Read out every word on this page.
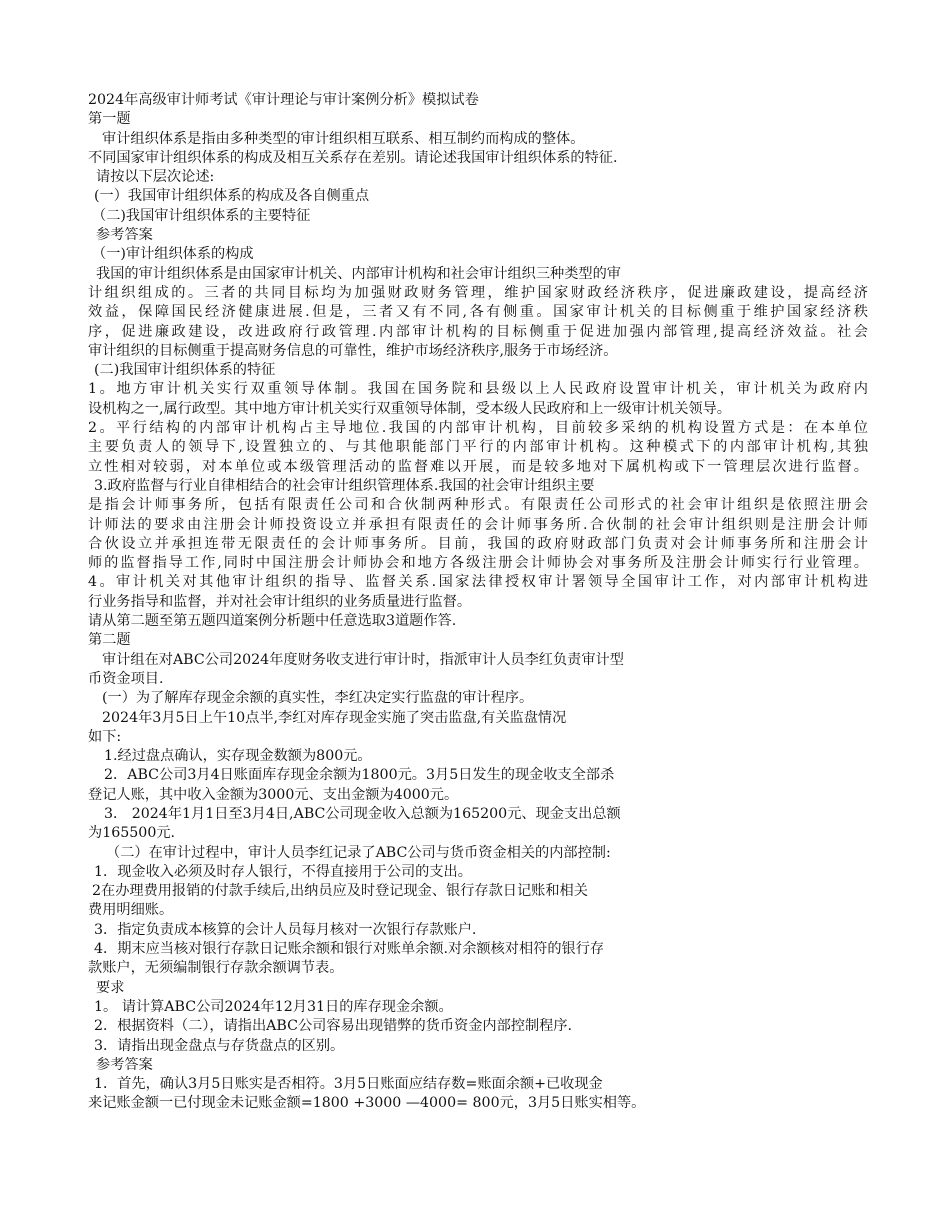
2024年高级审计师考试《审计理论与审计案例分析》模拟试卷
第一题
审计组织体系是指由多种类型的审计组织相互联系、相互制约而构成的整体。
不同国家审计组织体系的构成及相互关系存在差别。请论述我国审计组织体系的特征.
请按以下层次论述:
(一）我国审计组织体系的构成及各自侧重点
（二)我国审计组织体系的主要特征
参考答案
（一)审计组织体系的构成
我国的审计组织体系是由国家审计机关、内部审计机构和社会审计组织三种类型的审
计组织组成的。三者的共同目标均为加强财政财务管理，维护国家财政经济秩序，促进廉政建设，提高经济
效益，保障国民经济健康进展.但是，三者又有不同,各有侧重。国家审计机关的目标侧重于维护国家经济秩
序，促进廉政建设，改进政府行政管理.内部审计机构的目标侧重于促进加强内部管理,提高经济效益。社会
审计组织的目标侧重于提高财务信息的可靠性，维护市场经济秩序,服务于市场经济。
(二)我国审计组织体系的特征
1。地方审计机关实行双重领导体制。我国在国务院和县级以上人民政府设置审计机关，审计机关为政府内
设机构之一,属行政型。其中地方审计机关实行双重领导体制，受本级人民政府和上一级审计机关领导。
2。平行结构的内部审计机构占主导地位.我国的内部审计机构，目前较多采纳的机构设置方式是：在本单位
主要负责人的领导下,设置独立的、与其他职能部门平行的内部审计机构。这种模式下的内部审计机构,其独
立性相对较弱，对本单位或本级管理活动的监督难以开展，而是较多地对下属机构或下一管理层次进行监督。
3.政府监督与行业自律相结合的社会审计组织管理体系.我国的社会审计组织主要
是指会计师事务所，包括有限责任公司和合伙制两种形式。有限责任公司形式的社会审计组织是依照注册会
计师法的要求由注册会计师投资设立并承担有限责任的会计师事务所.合伙制的社会审计组织则是注册会计师
合伙设立并承担连带无限责任的会计师事务所。目前，我国的政府财政部门负责对会计师事务所和注册会计
师的监督指导工作,同时中国注册会计师协会和地方各级注册会计师协会对事务所及注册会计师实行行业管理。
4。审计机关对其他审计组织的指导、监督关系.国家法律授权审计署领导全国审计工作，对内部审计机构进
行业务指导和监督，并对社会审计组织的业务质量进行监督。
请从第二题至第五题四道案例分析题中任意选取3道题作答.
第二题
审计组在对ABC公司2024年度财务收支进行审计时，指派审计人员李红负责审计型
币资金项目.
(一）为了解库存现金余额的真实性，李红决定实行监盘的审计程序。
2024年3月5日上午10点半,李红对库存现金实施了突击监盘,有关监盘情况
如下:
1.经过盘点确认，实存现金数额为800元。
2．ABC公司3月4日账面库存现金余额为1800元。3月5日发生的现金收支全部杀
登记人账，其中收入金额为3000元、支出金额为4000元。
3． 2024年1月1日至3月4日,ABC公司现金收入总额为165200元、现金支出总额
为165500元.
（二）在审计过程中，审计人员李红记录了ABC公司与货币资金相关的内部控制:
1．现金收入必须及时存人银行，不得直接用于公司的支出。
2在办理费用报销的付款手续后,出纳员应及时登记现金、银行存款日记账和相关
费用明细账。
3．指定负责成本核算的会计人员每月核对一次银行存款账户.
4．期末应当核对银行存款日记账余额和银行对账单余额.对余额核对相符的银行存
款账户，无须编制银行存款余额调节表。
要求
1。 请计算ABC公司2024年12月31日的库存现金余额。
2．根据资料（二），请指出ABC公司容易出现错弊的货币资金内部控制程序.
3．请指出现金盘点与存货盘点的区别。
参考答案
1．首先，确认3月5日账实是否相符。3月5日账面应结存数=账面余额+已收现金
来记账金额一已付现金未记账金额=1800 +3000 —4000= 800元，3月5日账实相等。
